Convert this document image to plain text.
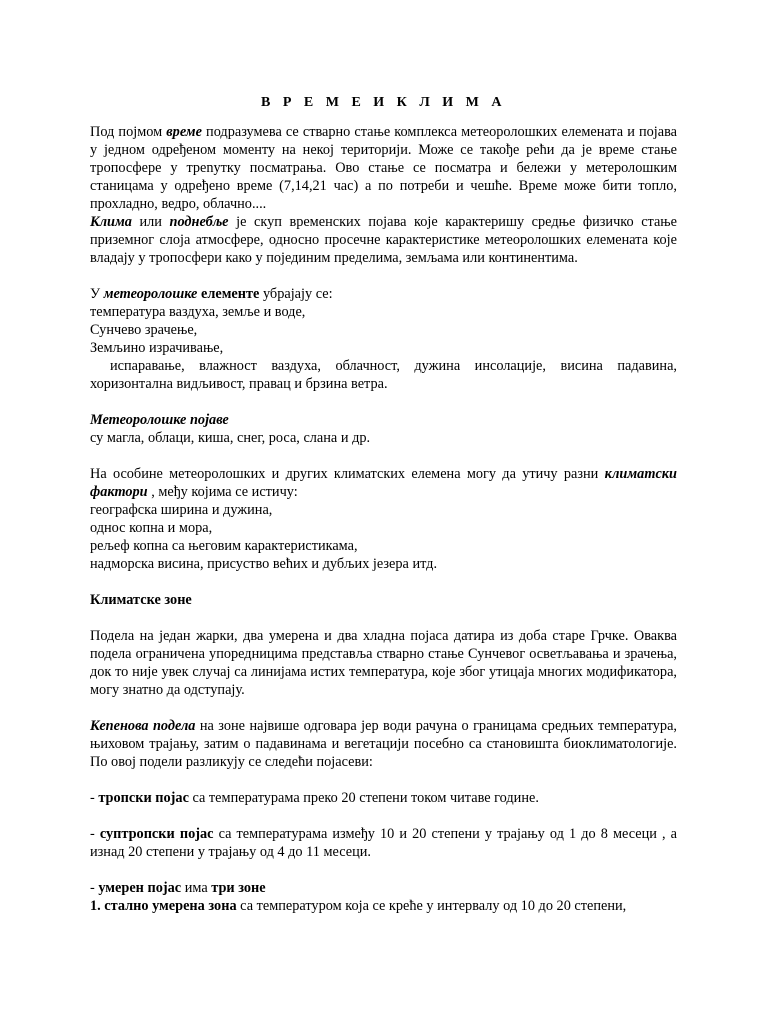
В Р Е М Е И К Л И М А

Под појмом време подразумева се стварно стање комплекса метеоролошких елемената и појава у једном одређеном моменту на некој територији. Може се такође рећи да је време стање тропосфере у трenутку посматрања. Ово стање се посматра и бележи у метеролошким станицама у одређено време (7,14,21 час) а по потреби и чешће. Време може бити топло, прохладно, ведро, облачно....

Клима или поднебље је скуп временских појава које карактеришу средње физичко стање приземног слоја атмосфере, односно просечне карактеристике метеоролошких елемената које владају у тропосфери како у појединим пределима, земљама или континентима.

У метеоролошке елементе убрајају се:

температура ваздуха, земље и воде,

Сунчево зрачење,

Земљино израчивање,

испаравање, влажност ваздуха, облачност, дужина инсолације, висина падавина, хоризонтална видљивост, правац и брзина ветра.

Метеоролошке појаве

су магла, облаци, киша, снег, роса, слана и др.

На особине метеоролошких и других климатских елемена могу да утичу разни климатски фактори , међу којима се истичу:

географска ширина и дужина,

однос копна и мора,

рељеф копна са његовим карактеристикама,

надморска висина, присуство већих и дубљих језера итд.

Климатске зоне

Подела на један жарки, два умерена и два хладна појаса датира из доба старе Грчке. Оваква подела ограничена упоредницима представља стварно стање Сунчевог осветљавања и зрачења, док то није увек случај са линијама истих температура, које због утицаја многих модификатора, могу знатно да одступају.

Кепенова подела на зоне највише одговара јер води рачуна о границама средњих температура, њиховом трајању, затим о падавинама и вегетацији посебно са становишта биоклиматологије. По овој подели разликују се следећи појасеви:

- тропски појас са температурама преко 20 степени током читаве године.

- суптропски појас са температурама између 10 и 20 степени у трајању од 1 до 8 месеци , а изнад 20 степени у трајању од 4 до 11 месеци.

- умерен појас има три зоне

1. стално умерена зона са температуром која се креће у интервалу од 10 до 20 степени,
